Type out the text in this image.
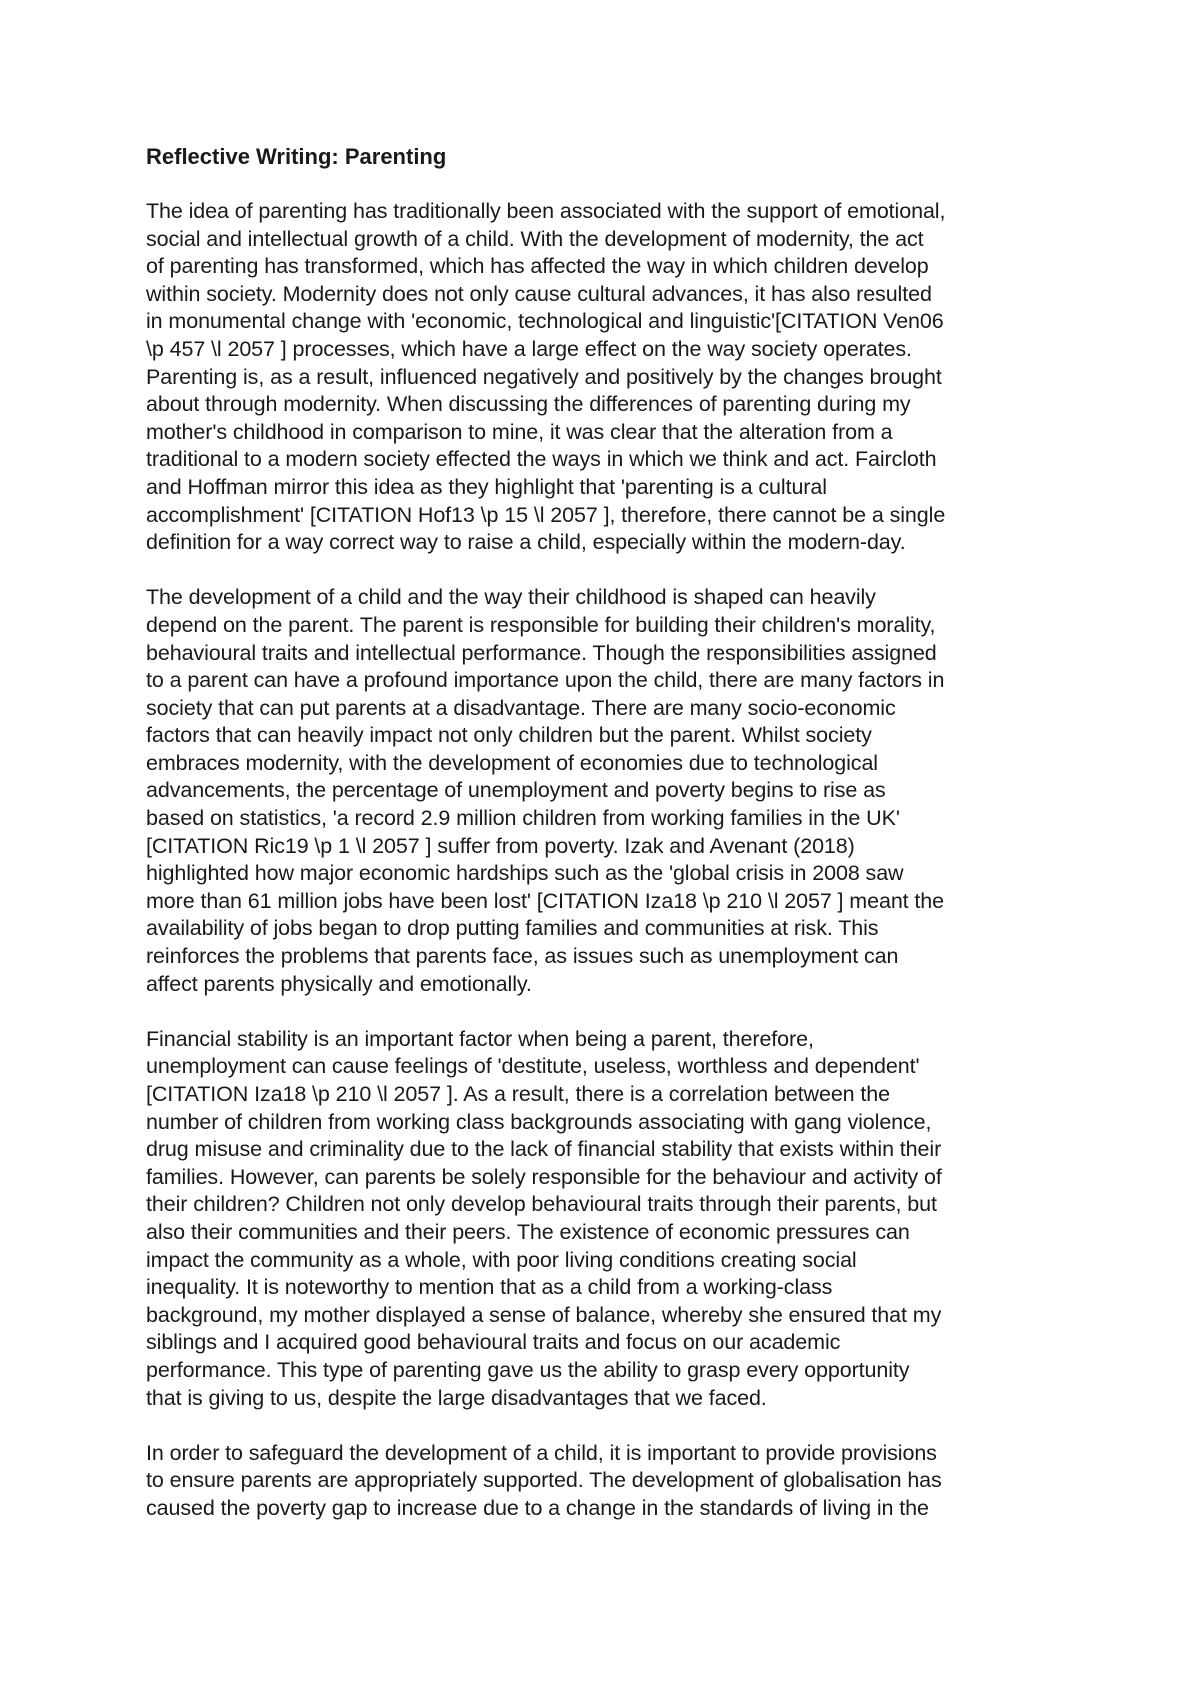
Reflective Writing: Parenting
The idea of parenting has traditionally been associated with the support of emotional,
social and intellectual growth of a child. With the development of modernity, the act
of parenting has transformed, which has affected the way in which children develop
within society. Modernity does not only cause cultural advances, it has also resulted
in monumental change with 'economic, technological and linguistic'[CITATION Ven06
\p 457 \l 2057 ] processes, which have a large effect on the way society operates.
Parenting is, as a result, influenced negatively and positively by the changes brought
about through modernity. When discussing the differences of parenting during my
mother's childhood in comparison to mine, it was clear that the alteration from a
traditional to a modern society effected the ways in which we think and act. Faircloth
and Hoffman mirror this idea as they highlight that 'parenting is a cultural
accomplishment' [CITATION Hof13 \p 15 \l 2057 ], therefore, there cannot be a single
definition for a way correct way to raise a child, especially within the modern-day.
The development of a child and the way their childhood is shaped can heavily
depend on the parent. The parent is responsible for building their children's morality,
behavioural traits and intellectual performance. Though the responsibilities assigned
to a parent can have a profound importance upon the child, there are many factors in
society that can put parents at a disadvantage. There are many socio-economic
factors that can heavily impact not only children but the parent. Whilst society
embraces modernity, with the development of economies due to technological
advancements, the percentage of unemployment and poverty begins to rise as
based on statistics, 'a record 2.9 million children from working families in the UK'
[CITATION Ric19 \p 1 \l 2057 ] suffer from poverty. Izak and Avenant (2018)
highlighted how major economic hardships such as the 'global crisis in 2008 saw
more than 61 million jobs have been lost' [CITATION Iza18 \p 210 \l 2057 ] meant the
availability of jobs began to drop putting families and communities at risk. This
reinforces the problems that parents face, as issues such as unemployment can
affect parents physically and emotionally.
Financial stability is an important factor when being a parent, therefore,
unemployment can cause feelings of 'destitute, useless, worthless and dependent'
[CITATION Iza18 \p 210 \l 2057 ]. As a result, there is a correlation between the
number of children from working class backgrounds associating with gang violence,
drug misuse and criminality due to the lack of financial stability that exists within their
families. However, can parents be solely responsible for the behaviour and activity of
their children? Children not only develop behavioural traits through their parents, but
also their communities and their peers. The existence of economic pressures can
impact the community as a whole, with poor living conditions creating social
inequality. It is noteworthy to mention that as a child from a working-class
background, my mother displayed a sense of balance, whereby she ensured that my
siblings and I acquired good behavioural traits and focus on our academic
performance. This type of parenting gave us the ability to grasp every opportunity
that is giving to us, despite the large disadvantages that we faced.
In order to safeguard the development of a child, it is important to provide provisions
to ensure parents are appropriately supported. The development of globalisation has
caused the poverty gap to increase due to a change in the standards of living in the
